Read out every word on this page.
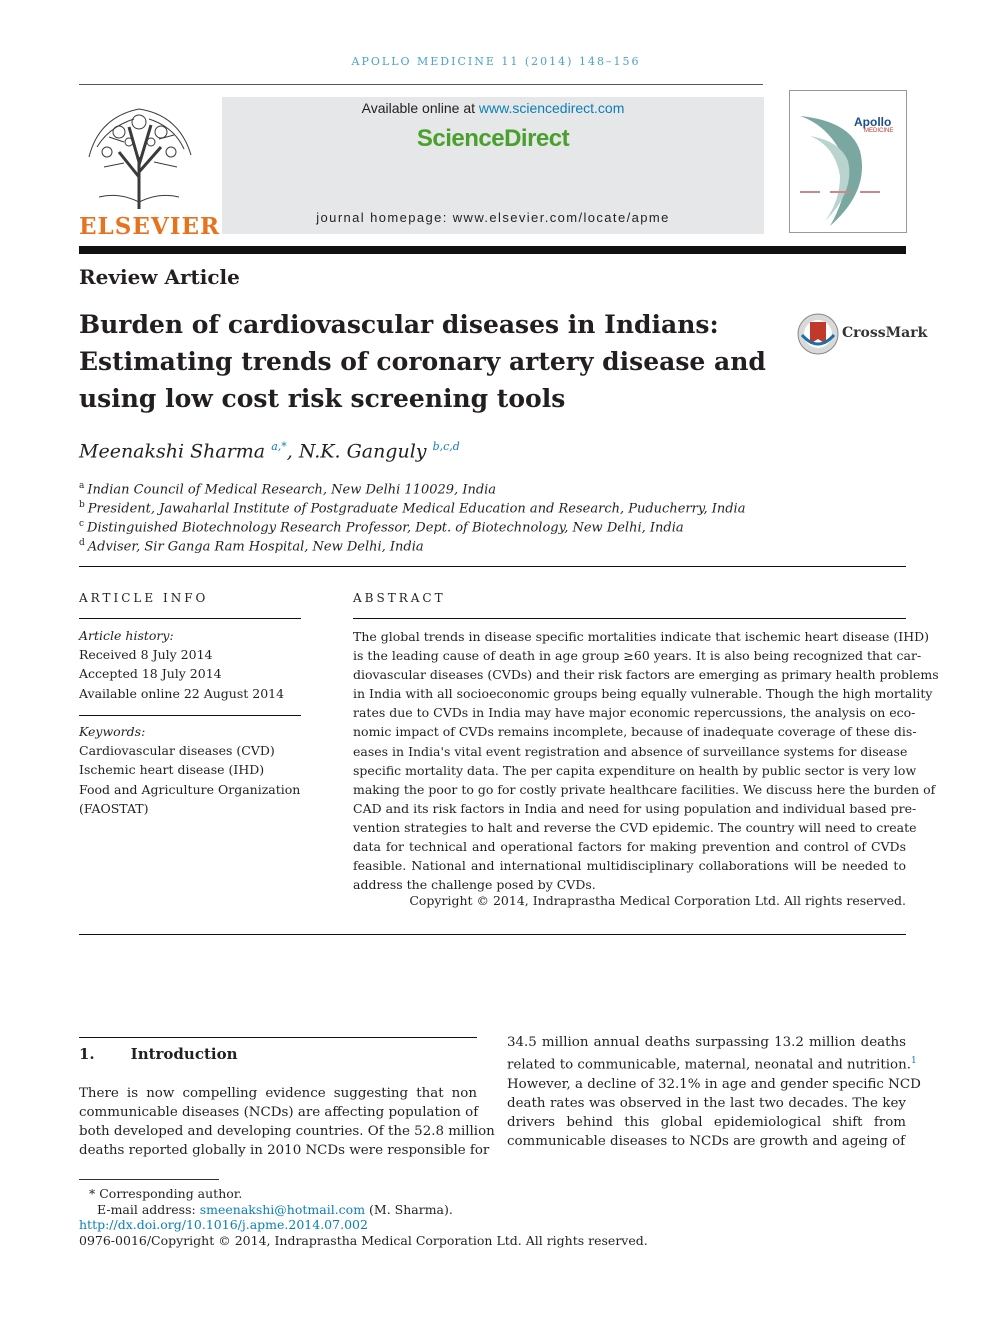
APOLLO MEDICINE 11 (2014) 148–156
ELSEVIER
Available online at www.sciencedirect.com
ScienceDirect
journal homepage: www.elsevier.com/locate/apme
Apollo
MEDICINE
Review Article
Burden of cardiovascular diseases in Indians:
Estimating trends of coronary artery disease and
using low cost risk screening tools
CrossMark
Meenakshi Sharma $^{a,*}$, N.K. Ganguly $^{b,c,d}$
$^a$ Indian Council of Medical Research, New Delhi 110029, India
$^b$ President, Jawaharlal Institute of Postgraduate Medical Education and Research, Puducherry, India
$^c$ Distinguished Biotechnology Research Professor, Dept. of Biotechnology, New Delhi, India
$^d$ Adviser, Sir Ganga Ram Hospital, New Delhi, India
ARTICLE INFO
Article history:
Received 8 July 2014
Accepted 18 July 2014
Available online 22 August 2014
Keywords:
Cardiovascular diseases (CVD)
Ischemic heart disease (IHD)
Food and Agriculture Organization
(FAOSTAT)
ABSTRACT
The global trends in disease specific mortalities indicate that ischemic heart disease (IHD)
is the leading cause of death in age group ≥60 years. It is also being recognized that car-
diovascular diseases (CVDs) and their risk factors are emerging as primary health problems
in India with all socioeconomic groups being equally vulnerable. Though the high mortality
rates due to CVDs in India may have major economic repercussions, the analysis on eco-
nomic impact of CVDs remains incomplete, because of inadequate coverage of these dis-
eases in India's vital event registration and absence of surveillance systems for disease
specific mortality data. The per capita expenditure on health by public sector is very low
making the poor to go for costly private healthcare facilities. We discuss here the burden of
CAD and its risk factors in India and need for using population and individual based pre-
vention strategies to halt and reverse the CVD epidemic. The country will need to create
data for technical and operational factors for making prevention and control of CVDs
feasible. National and international multidisciplinary collaborations will be needed to
address the challenge posed by CVDs.
Copyright © 2014, Indraprastha Medical Corporation Ltd. All rights reserved.
1. Introduction
There is now compelling evidence suggesting that non
communicable diseases (NCDs) are affecting population of
both developed and developing countries. Of the 52.8 million
deaths reported globally in 2010 NCDs were responsible for
34.5 million annual deaths surpassing 13.2 million deaths
related to communicable, maternal, neonatal and nutrition.$^1$
However, a decline of 32.1% in age and gender specific NCD
death rates was observed in the last two decades. The key
drivers behind this global epidemiological shift from
communicable diseases to NCDs are growth and ageing of
* Corresponding author.
E-mail address: smeenakshi@hotmail.com (M. Sharma).
http://dx.doi.org/10.1016/j.apme.2014.07.002
0976-0016/Copyright © 2014, Indraprastha Medical Corporation Ltd. All rights reserved.
